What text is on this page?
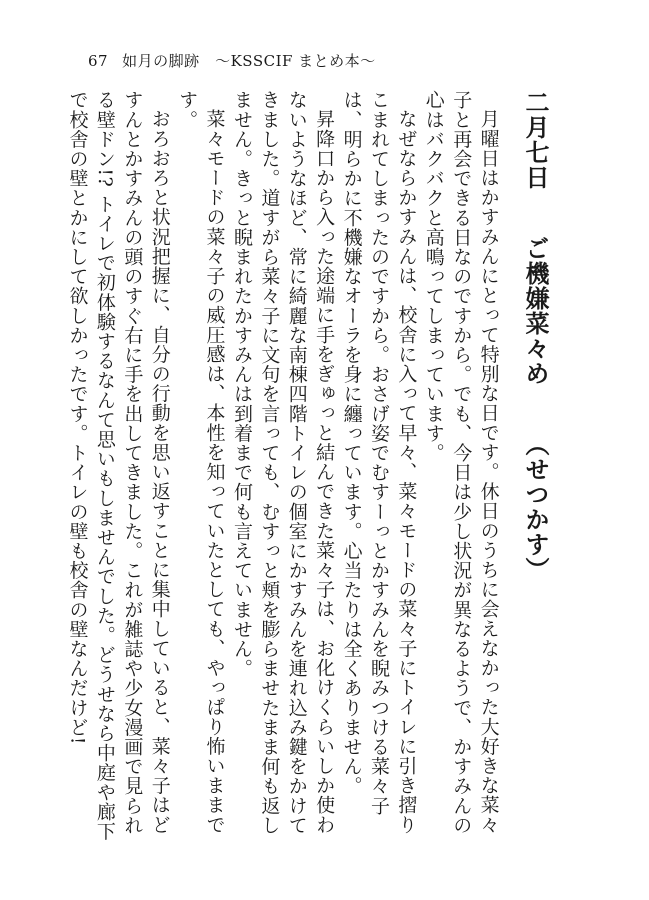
67 如月の脚跡　〜KSSCIF まとめ本〜
二月七日ご機嫌菜々め（せつかす）

月曜日はかすみんにとって特別な日です。休日のうちに会えなかった大好きな菜々子と再会できる日なのですから。でも、今日は少し状況が異なるようで、かすみんの心はバクバクと高鳴ってしまっています。

なぜならかすみんは、校舎に入って早々、菜々モードの菜々子にトイレに引き摺りこまれてしまったのですから。おさげ姿でむすーっとかすみんを睨みつける菜々子は、明らかに不機嫌なオーラを身に纏っています。心当たりは全くありません。

昇降口から入った途端に手をぎゅっと結んできた菜々子は、お化けくらいしか使わないようなほど、常に綺麗な南棟四階トイレの個室にかすみんを連れ込み鍵をかけてきました。道すがら菜々子に文句を言っても、むすっと頬を膨らませたまま何も返しません。きっと睨まれたかすみんは到着まで何も言えていません。

菜々モードの菜々子の威圧感は、本性を知っていたとしても、やっぱり怖いままです。

おろおろと状況把握に、自分の行動を思い返すことに集中していると、菜々子はどすんとかすみんの頭のすぐ右に手を出してきました。これが雑誌や少女漫画で見られる壁ドン!? トイレで初体験するなんて思いもしませんでした。どうせなら中庭や廊下で校舎の壁とかにして欲しかったです。トイレの壁も校舎の壁なんだけど!
